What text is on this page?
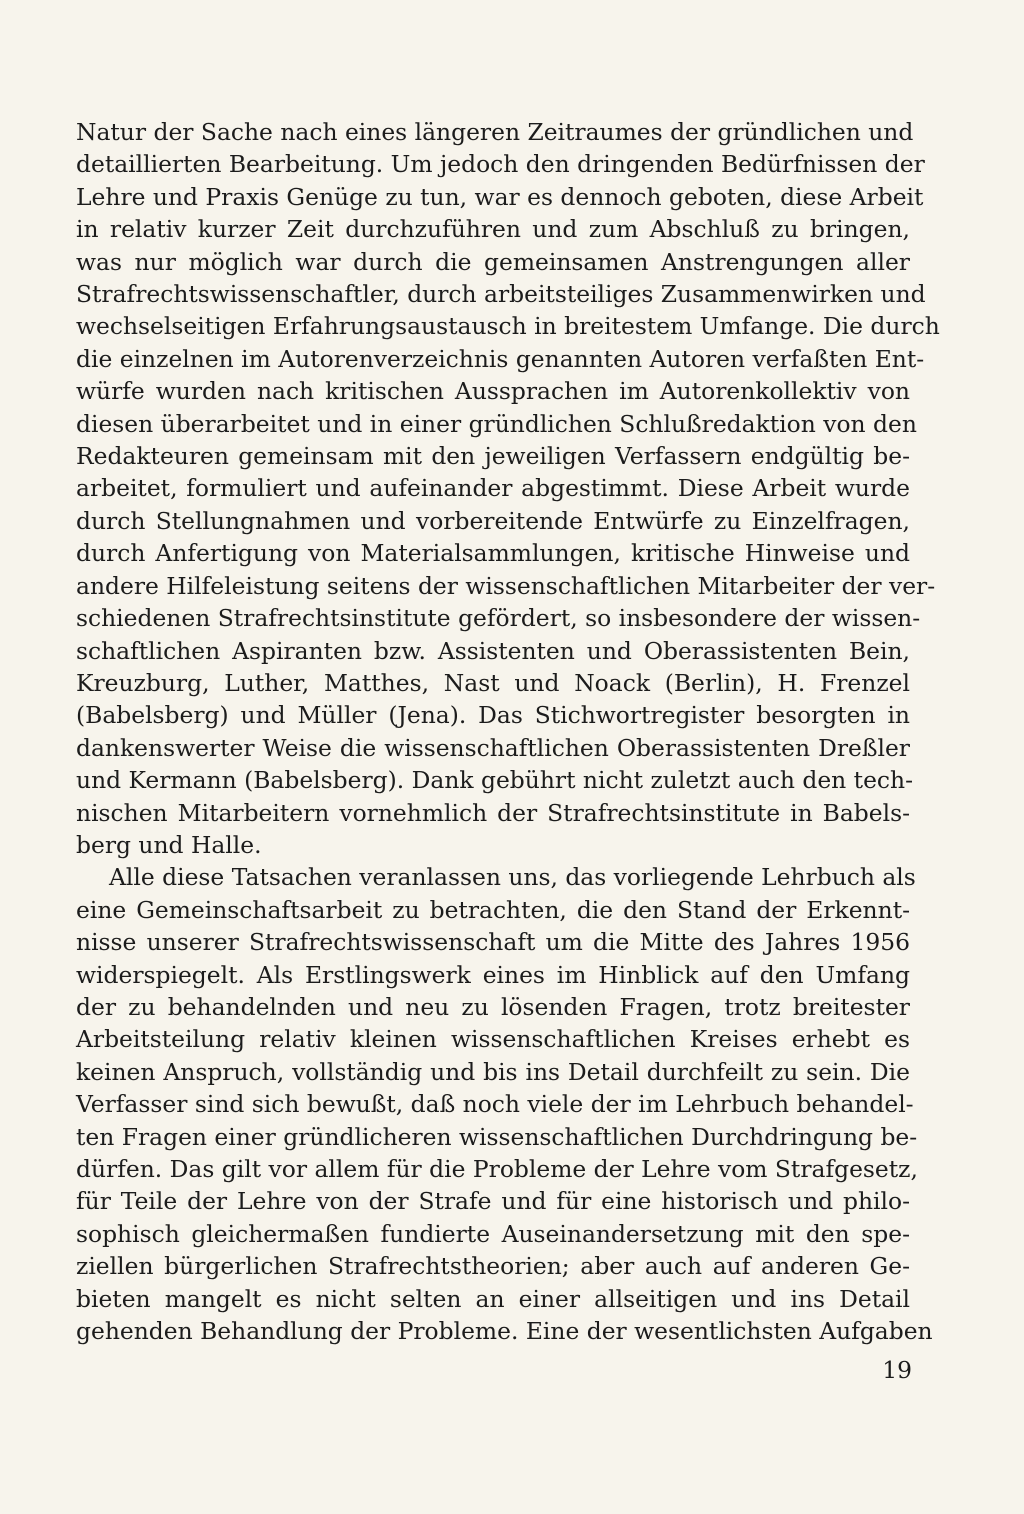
Natur der Sache nach eines längeren Zeitraumes der gründlichen und
detaillierten Bearbeitung. Um jedoch den dringenden Bedürfnissen der
Lehre und Praxis Genüge zu tun, war es dennoch geboten, diese Arbeit
in relativ kurzer Zeit durchzuführen und zum Abschluß zu bringen,
was nur möglich war durch die gemeinsamen Anstrengungen aller
Strafrechtswissenschaftler, durch arbeitsteiliges Zusammenwirken und
wechselseitigen Erfahrungsaustausch in breitestem Umfange. Die durch
die einzelnen im Autorenverzeichnis genannten Autoren verfaßten Ent-
würfe wurden nach kritischen Aussprachen im Autorenkollektiv von
diesen überarbeitet und in einer gründlichen Schlußredaktion von den
Redakteuren gemeinsam mit den jeweiligen Verfassern endgültig be-
arbeitet, formuliert und aufeinander abgestimmt. Diese Arbeit wurde
durch Stellungnahmen und vorbereitende Entwürfe zu Einzelfragen,
durch Anfertigung von Materialsammlungen, kritische Hinweise und
andere Hilfeleistung seitens der wissenschaftlichen Mitarbeiter der ver-
schiedenen Strafrechtsinstitute gefördert, so insbesondere der wissen-
schaftlichen Aspiranten bzw. Assistenten und Oberassistenten Bein,
Kreuzburg, Luther, Matthes, Nast und Noack (Berlin), H. Frenzel
(Babelsberg) und Müller (Jena). Das Stichwortregister besorgten in
dankenswerter Weise die wissenschaftlichen Oberassistenten Dreßler
und Kermann (Babelsberg). Dank gebührt nicht zuletzt auch den tech-
nischen Mitarbeitern vornehmlich der Strafrechtsinstitute in Babels-
berg und Halle.
Alle diese Tatsachen veranlassen uns, das vorliegende Lehrbuch als
eine Gemeinschaftsarbeit zu betrachten, die den Stand der Erkennt-
nisse unserer Strafrechtswissenschaft um die Mitte des Jahres 1956
widerspiegelt. Als Erstlingswerk eines im Hinblick auf den Umfang
der zu behandelnden und neu zu lösenden Fragen, trotz breitester
Arbeitsteilung relativ kleinen wissenschaftlichen Kreises erhebt es
keinen Anspruch, vollständig und bis ins Detail durchfeilt zu sein. Die
Verfasser sind sich bewußt, daß noch viele der im Lehrbuch behandel-
ten Fragen einer gründlicheren wissenschaftlichen Durchdringung be-
dürfen. Das gilt vor allem für die Probleme der Lehre vom Strafgesetz,
für Teile der Lehre von der Strafe und für eine historisch und philo-
sophisch gleichermaßen fundierte Auseinandersetzung mit den spe-
ziellen bürgerlichen Strafrechtstheorien; aber auch auf anderen Ge-
bieten mangelt es nicht selten an einer allseitigen und ins Detail
gehenden Behandlung der Probleme. Eine der wesentlichsten Aufgaben
19
